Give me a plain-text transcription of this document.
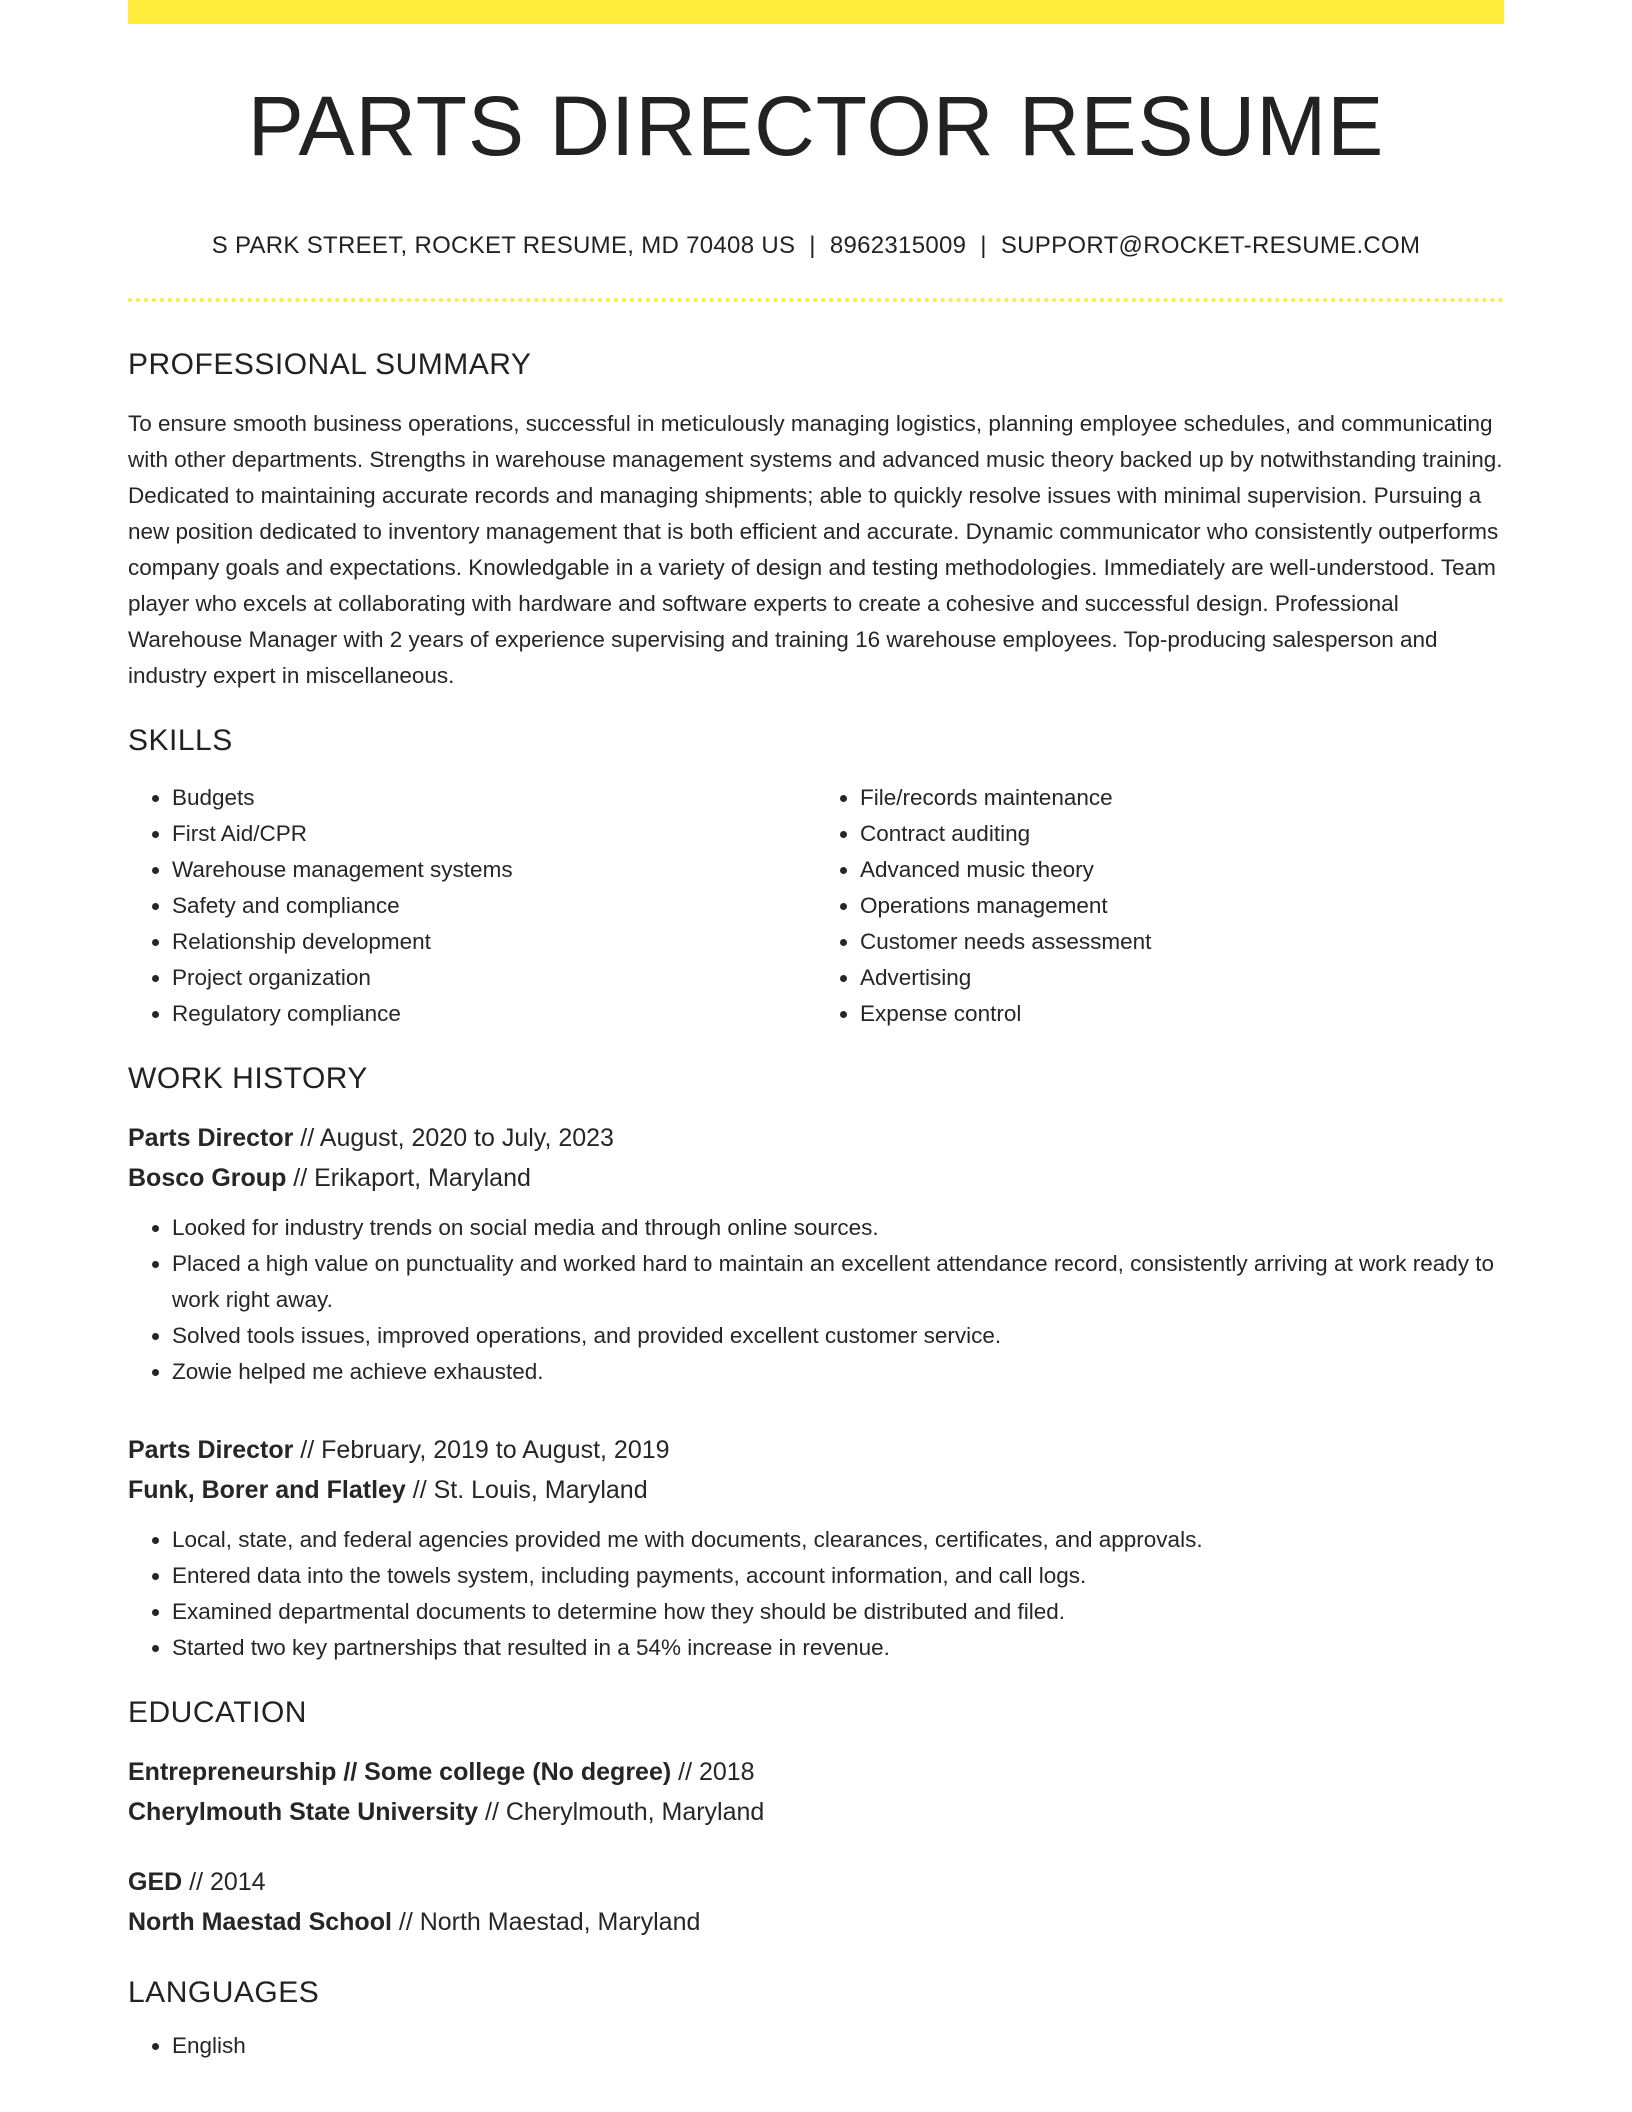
PARTS DIRECTOR RESUME
S PARK STREET, ROCKET RESUME, MD 70408 US | 8962315009 | SUPPORT@ROCKET-RESUME.COM
PROFESSIONAL SUMMARY

To ensure smooth business operations, successful in meticulously managing logistics, planning employee schedules, and communicating with other departments. Strengths in warehouse management systems and advanced music theory backed up by notwithstanding training. Dedicated to maintaining accurate records and managing shipments; able to quickly resolve issues with minimal supervision. Pursuing a new position dedicated to inventory management that is both efficient and accurate. Dynamic communicator who consistently outperforms company goals and expectations. Knowledgable in a variety of design and testing methodologies. Immediately are well-understood. Team player who excels at collaborating with hardware and software experts to create a cohesive and successful design. Professional Warehouse Manager with 2 years of experience supervising and training 16 warehouse employees. Top-producing salesperson and industry expert in miscellaneous.

SKILLS
• Budgets
• First Aid/CPR
• Warehouse management systems
• Safety and compliance
• Relationship development
• Project organization
• Regulatory compliance
• File/records maintenance
• Contract auditing
• Advanced music theory
• Operations management
• Customer needs assessment
• Advertising
• Expense control
WORK HISTORY
Parts Director // August, 2020 to July, 2023
Bosco Group // Erikaport, Maryland
• Looked for industry trends on social media and through online sources.
• Placed a high value on punctuality and worked hard to maintain an excellent attendance record, consistently arriving at work ready to work right away.
• Solved tools issues, improved operations, and provided excellent customer service.
• Zowie helped me achieve exhausted.
Parts Director // February, 2019 to August, 2019
Funk, Borer and Flatley // St. Louis, Maryland
• Local, state, and federal agencies provided me with documents, clearances, certificates, and approvals.
• Entered data into the towels system, including payments, account information, and call logs.
• Examined departmental documents to determine how they should be distributed and filed.
• Started two key partnerships that resulted in a 54% increase in revenue.
EDUCATION
Entrepreneurship // Some college (No degree) // 2018
Cherylmouth State University // Cherylmouth, Maryland
GED // 2014
North Maestad School // North Maestad, Maryland
LANGUAGES
• English
